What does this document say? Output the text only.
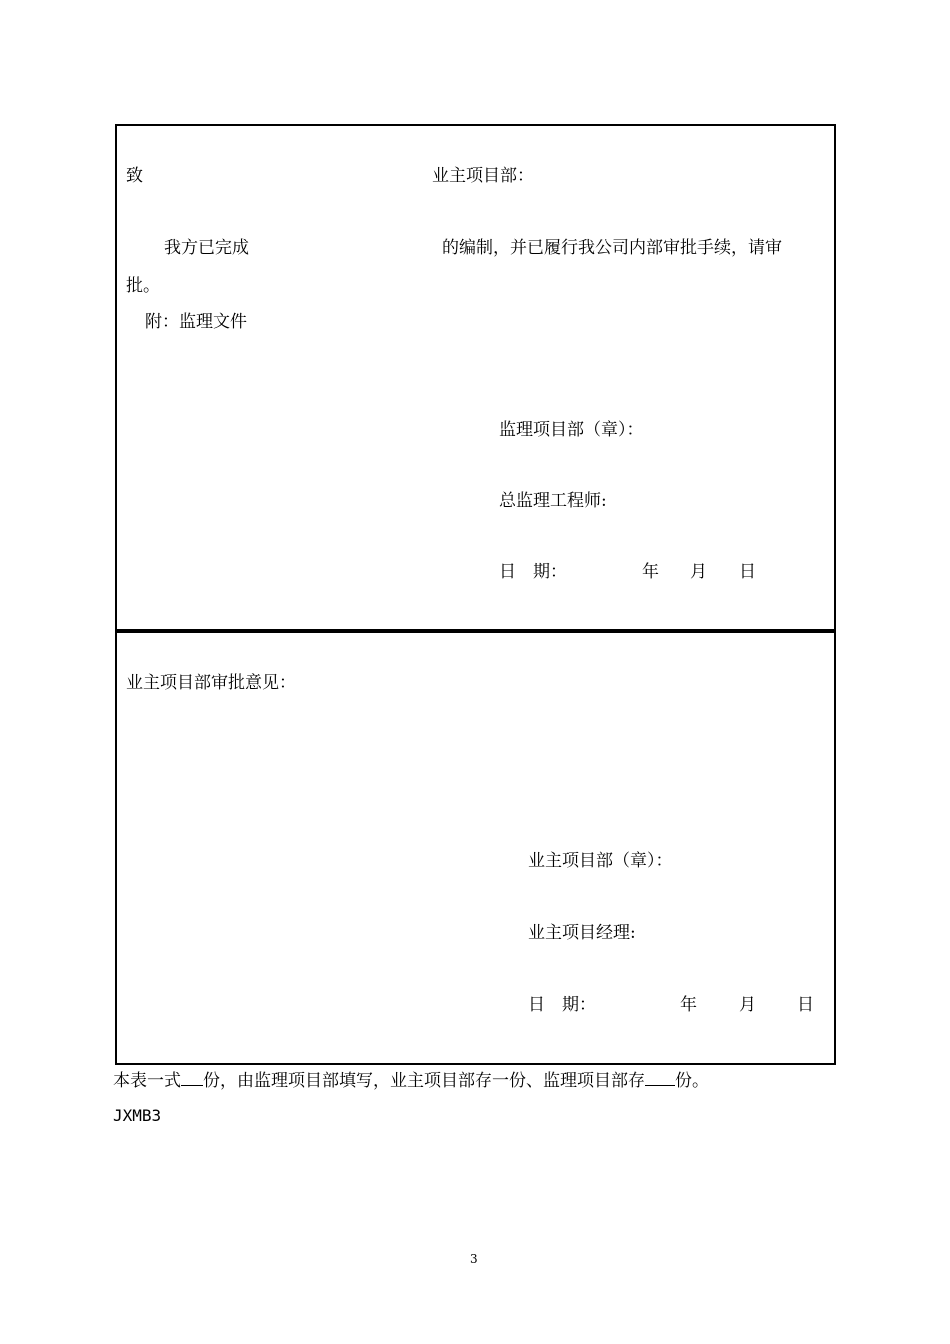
致	业主项目部：
我方已完成	的编制，并已履行我公司内部审批手续，请审
批。
附：监理文件
监理项目部（章）：
总监理工程师:
日　期：	年 月 日
业主项目部审批意见：
业主项目部（章）：
业主项目经理:
日　期：	年 月 日
本表一式 份，由监理项目部填写，业主项目部存一份、监理项目部存 份。
JXMB3
3
